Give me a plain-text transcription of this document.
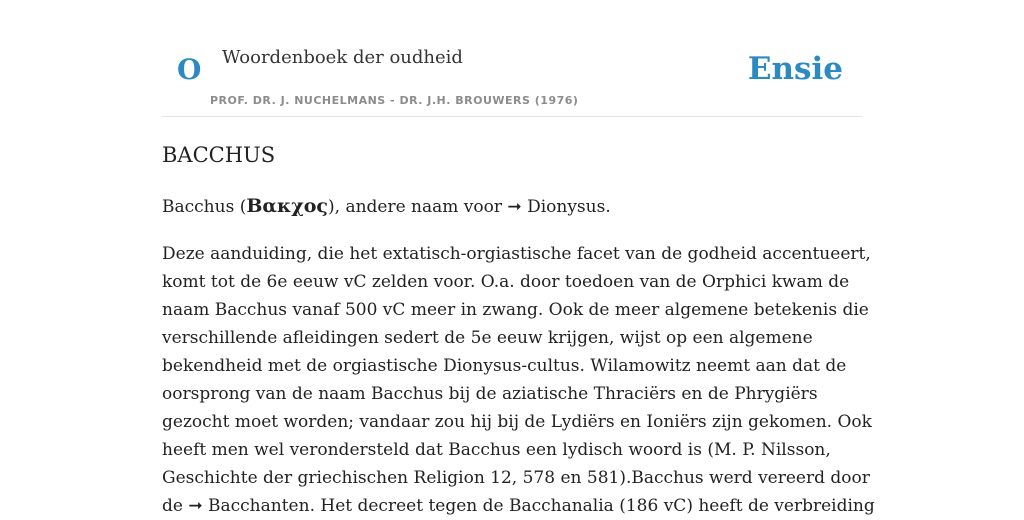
O Woordenboek der oudheid
PROF. DR. J. NUCHELMANS - DR. J.H. BROUWERS (1976)
Ensie
BACCHUS
Bacchus (Βακχος), andere naam voor ➞ Dionysus.
Deze aanduiding, die het extatisch-orgiastische facet van de godheid accentueert,
komt tot de 6e eeuw vC zelden voor. O.a. door toedoen van de Orphici kwam de
naam Bacchus vanaf 500 vC meer in zwang. Ook de meer algemene betekenis die
verschillende afleidingen sedert de 5e eeuw krijgen, wijst op een algemene
bekendheid met de orgiastische Dionysus-cultus. Wilamowitz neemt aan dat de
oorsprong van de naam Bacchus bij de aziatische Thraciërs en de Phrygiërs
gezocht moet worden; vandaar zou hij bij de Lydiërs en Ioniërs zijn gekomen. Ook
heeft men wel verondersteld dat Bacchus een lydisch woord is (M. P. Nilsson,
Geschichte der griechischen Religion 12, 578 en 581).Bacchus werd vereerd door
de ➞ Bacchanten. Het decreet tegen de Bacchanalia (186 vC) heeft de verbreiding
